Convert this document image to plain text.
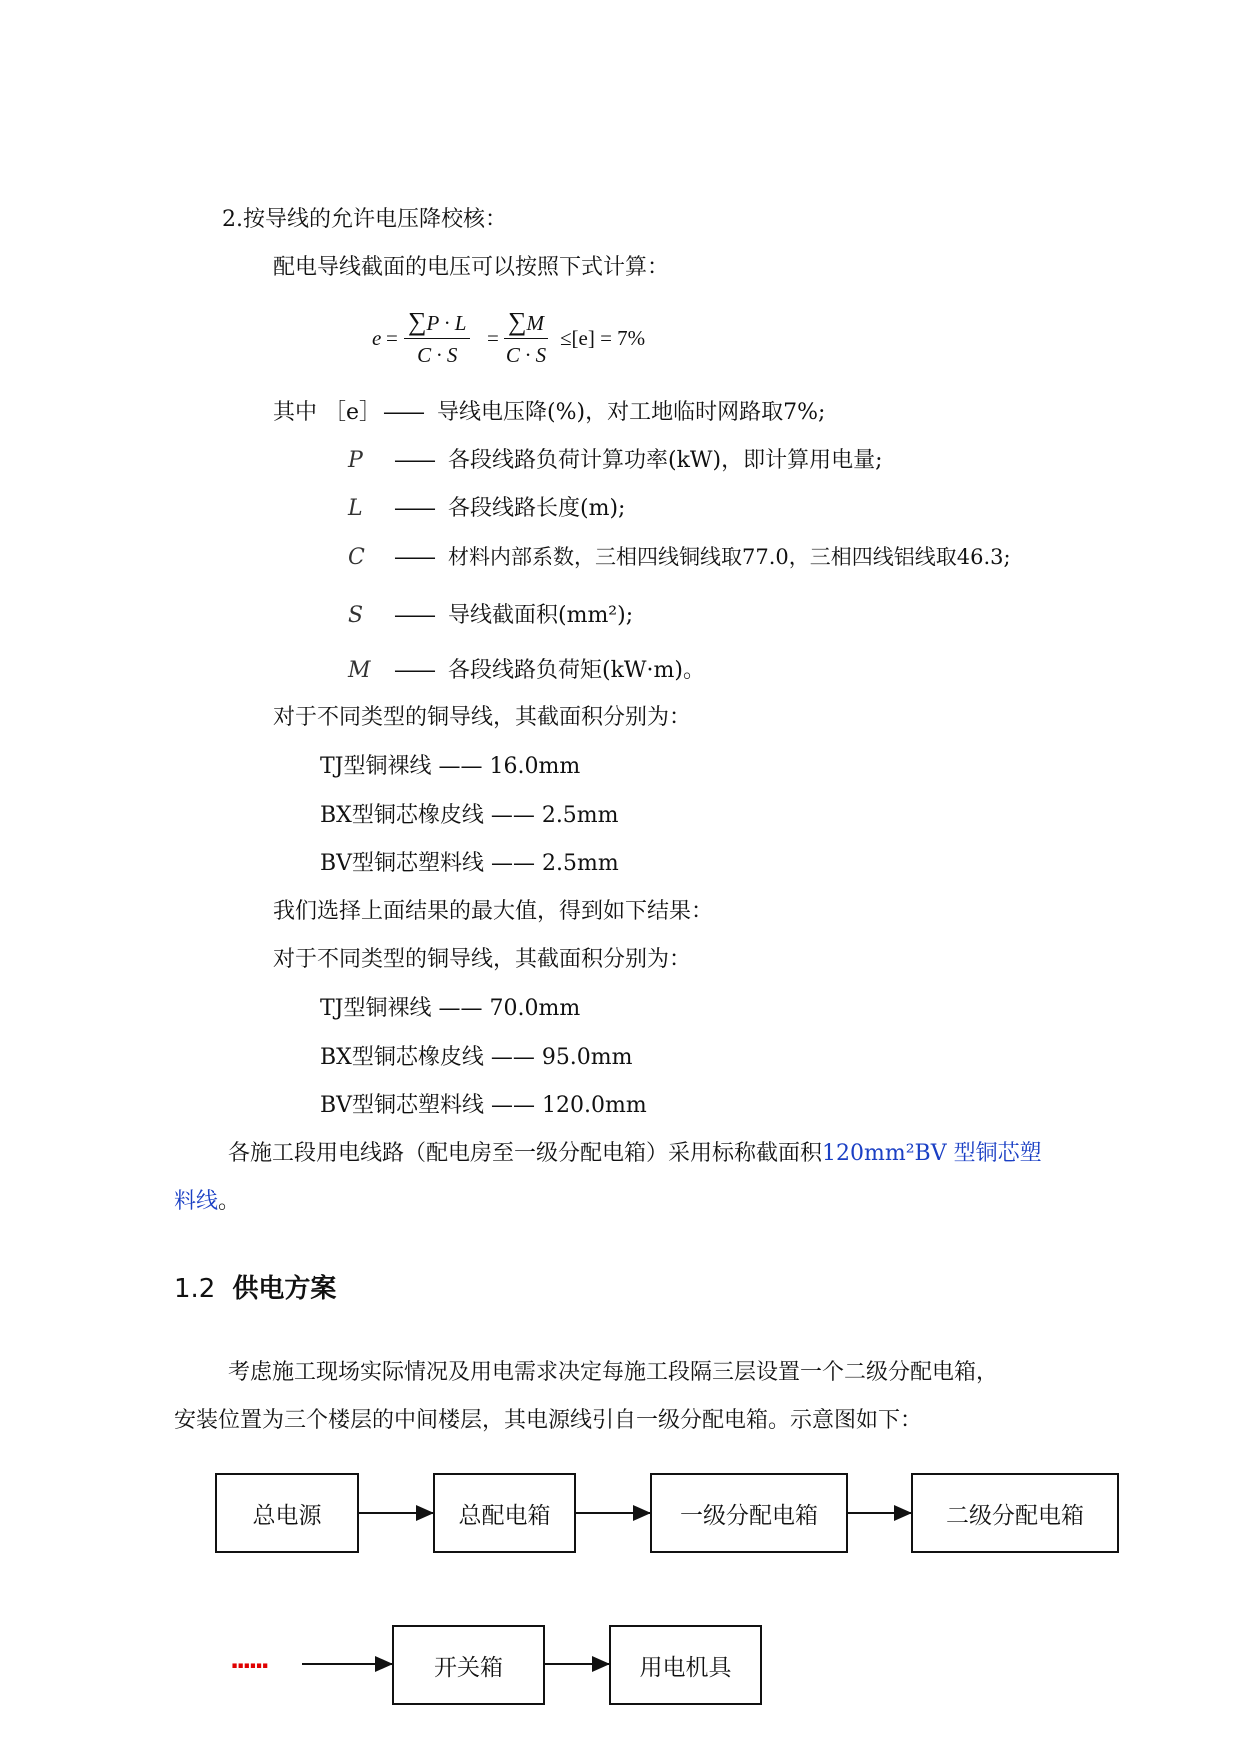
2.按导线的允许电压降校核：
配电导线截面的电压可以按照下式计算：
$e = \frac{\sum P \cdot L}{C \cdot S} = \frac{\sum M}{C \cdot S} \le[e] = 7\%$
其中 ［e］—— 导线电压降(%)，对工地临时网路取7%;
P —— 各段线路负荷计算功率(kW)，即计算用电量;
L —— 各段线路长度(m);
C —— 材料内部系数，三相四线铜线取77.0，三相四线铝线取46.3;
S —— 导线截面积(mm²);
M —— 各段线路负荷矩(kW·m)。
对于不同类型的铜导线，其截面积分别为：
TJ型铜裸线 —— 16.0mm
BX型铜芯橡皮线 —— 2.5mm
BV型铜芯塑料线 —— 2.5mm
我们选择上面结果的最大值，得到如下结果：
对于不同类型的铜导线，其截面积分别为：
TJ型铜裸线 —— 70.0mm
BX型铜芯橡皮线 —— 95.0mm
BV型铜芯塑料线 —— 120.0mm
各施工段用电线路（配电房至一级分配电箱）采用标称截面积120mm²BV 型铜芯塑
料线。
1.2 供电方案
考虑施工现场实际情况及用电需求决定每施工段隔三层设置一个二级分配电箱，
安装位置为三个楼层的中间楼层，其电源线引自一级分配电箱。示意图如下：
总电源	总配电箱	一级分配电箱	二级分配电箱
开关箱	用电机具
······
